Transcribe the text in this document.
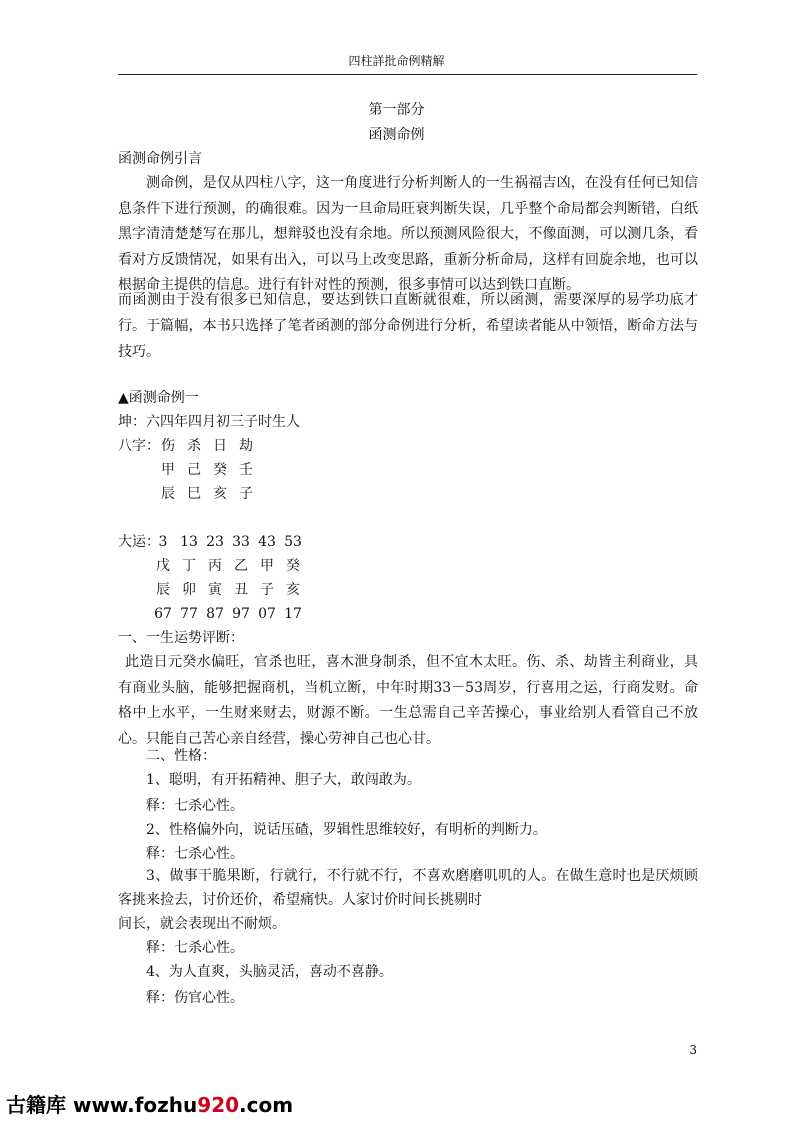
四柱詳批命例精解
第一部分
函测命例
函测命例引言
测命例，是仅从四柱八字，这一角度进行分析判断人的一生祸福吉凶，在没有任何已知信息条件下进行预测，的确很难。因为一旦命局旺衰判断失误，几乎整个命局都会判断错，白纸黑字清清楚楚写在那儿，想辩驳也没有余地。所以预测风险很大，不像面测，可以测几条，看看对方反馈情况，如果有出入，可以马上改变思路，重新分析命局，这样有回旋余地，也可以根据命主提供的信息。进行有针对性的预测，很多事情可以达到铁口直断。
而函测由于没有很多已知信息，要达到铁口直断就很难，所以函测，需要深厚的易学功底才行。 于篇幅，本书只选择了笔者函测的部分命例进行分析，希望读者能从中领悟，断命方法与技巧。
▲函测命例一
坤：六四年四月初三子时生人
八字： 伤 杀 日 劫
甲 己 癸 壬
辰 巳 亥 子
大运：
3 13 23 33 43 53
戊 丁 丙 乙 甲 癸
辰 卯 寅 丑 子 亥
67 77 87 97 07 17
一、一生运势评断：
此造日元癸水偏旺，官杀也旺，喜木泄身制杀，但不宜木太旺。伤、杀、劫皆主利商业，具有商业头脑，能够把握商机，当机立断，中年时期33－53周岁，行喜用之运，行商发财。命格中上水平，一生财来财去，财源不断。一生总需自己辛苦操心，事业给别人看管自己不放心。只能自己苦心亲自经营，操心劳神自己也心甘。
二、性格：
1、聪明，有开拓精神、胆子大，敢闯敢为。
释：七杀心性。
2、性格偏外向，说话压碴，罗辑性思维较好，有明析的判断力。
释：七杀心性。
3、做事干脆果断，行就行，不行就不行，不喜欢磨磨叽叽的人。在做生意时也是厌烦顾客挑来捡去，讨价还价，希望痛快。人家讨价时间长挑剔时
间长，就会表现出不耐烦。
释：七杀心性。
4、为人直爽，头脑灵活，喜动不喜静。
释：伤官心性。
3
古籍库 www.fozhu920.com
